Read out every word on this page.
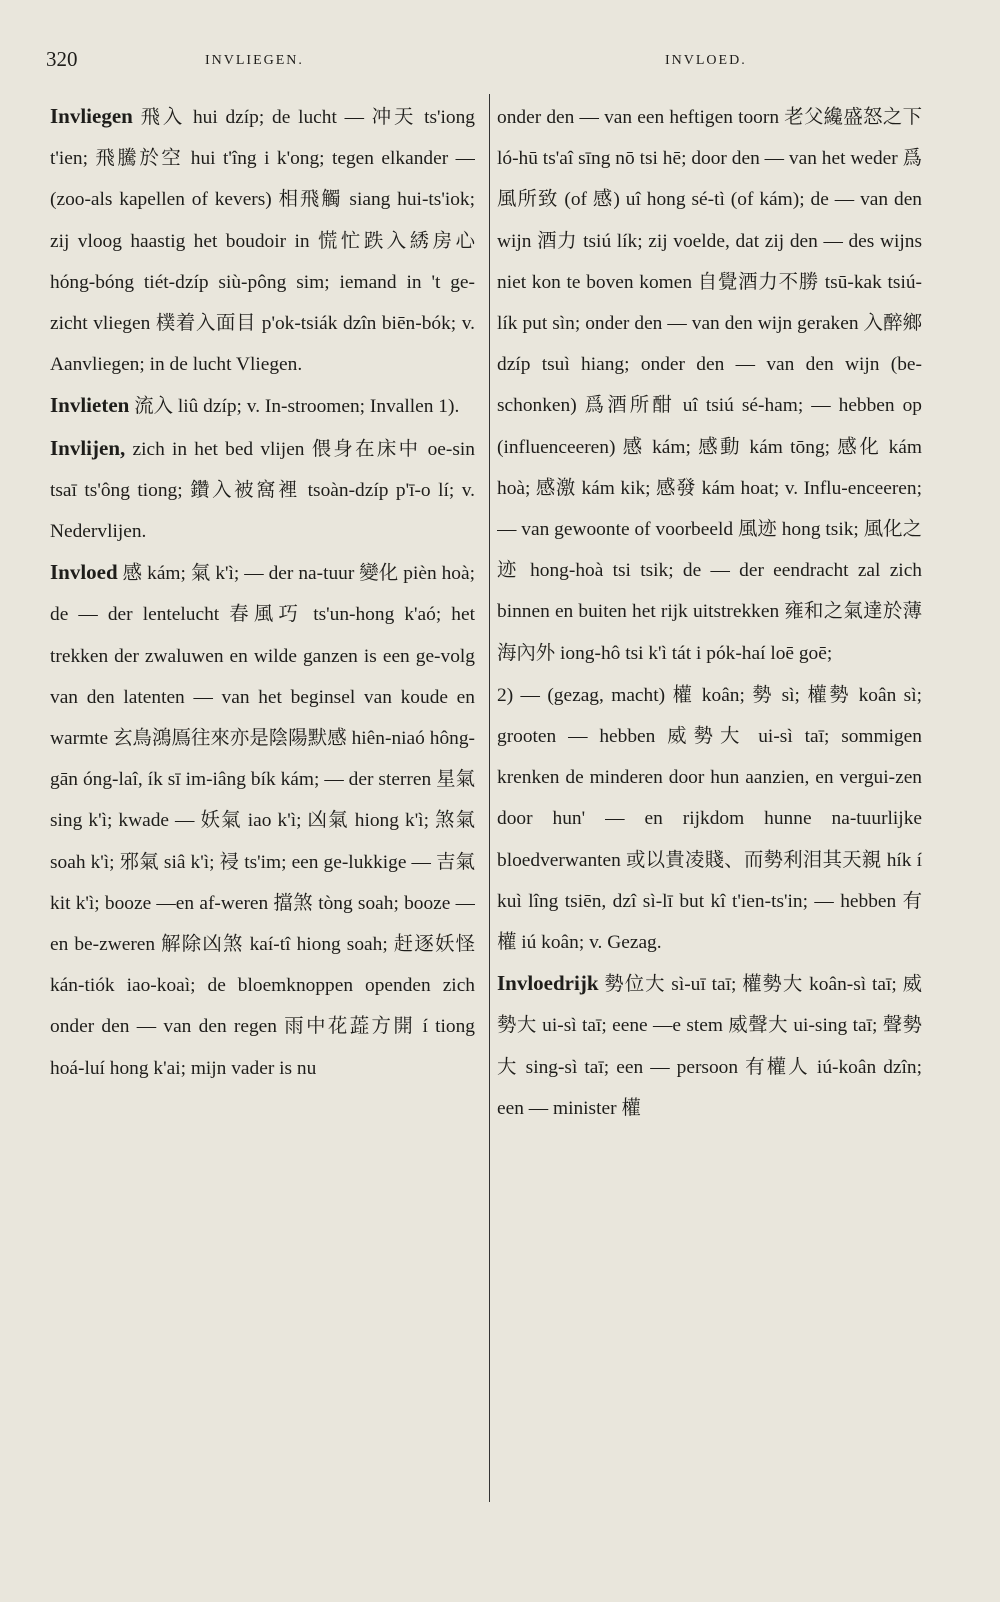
320	INVLIEGEN.	INVLOED.

Invliegen 飛入 hui dzíp; de lucht — 冲天 ts'iong t'ien; 飛騰於空 hui t'îng i k'ong; tegen elkander — (zoo-als kapellen of kevers) 相飛觸 siang hui-ts'iok; zij vloog haastig het boudoir in 慌忙跌入綉房心 hóng-bóng tiét-dzíp siù-pông sim; iemand in 't ge-zicht vliegen 樸着入面目 p'ok-tsiák dzîn biēn-bók; v. Aanvliegen; in de lucht Vliegen.

Invlieten 流入 liû dzíp; v. In-stroomen; Invallen 1).

Invlijen, zich in het bed vlijen 偎身在床中 oe-sin tsaī ts'ông tiong; 鑽入被窩裡 tsoàn-dzíp p'ī-o lí; v. Nedervlijen.

Invloed 感 kám; 氣 k'ì; — der na-tuur 變化 pièn hoà; de — der lentelucht 春風巧 ts'un-hong k'aó; het trekken der zwaluwen en wilde ganzen is een ge-volg van den latenten — van het beginsel van koude en warmte 玄鳥鴻鳫往來亦是陰陽默感 hiên-niaó hông-gān óng-laî, ík sī im-iâng bík kám; — der sterren 星氣 sing k'ì; kwade — 妖氣 iao k'ì; 凶氣 hiong k'ì; 煞氣 soah k'ì; 邪氣 siâ k'ì; 祲 ts'im; een ge-lukkige — 吉氣 kit k'ì; booze —en af-weren 擋煞 tòng soah; booze —en be-zweren 解除凶煞 kaí-tî hiong soah; 赶逐妖怪 kán-tiók iao-koaì; de bloemknoppen openden zich onder den — van den regen 雨中花蕋方開 í tiong hoá-luí hong k'ai; mijn vader is nu

onder den — van een heftigen toorn 老父纔盛怒之下 ló-hū ts'aî sīng nō tsi hē; door den — van het weder 爲風所致 (of 感) uî hong sé-tì (of kám); de — van den wijn 酒力 tsiú lík; zij voelde, dat zij den — des wijns niet kon te boven komen 自覺酒力不勝 tsū-kak tsiú-lík put sìn; onder den — van den wijn geraken 入醉鄉 dzíp tsuì hiang; onder den — van den wijn (be-schonken) 爲酒所酣 uî tsiú sé-ham; — hebben op (influenceeren) 感 kám; 感動 kám tōng; 感化 kám hoà; 感激 kám kik; 感發 kám hoat; v. Influ-enceeren; — van gewoonte of voorbeeld 風迹 hong tsik; 風化之迹 hong-hoà tsi tsik; de — der eendracht zal zich binnen en buiten het rijk uitstrekken 雍和之氣達於薄海內外 iong-hô tsi k'ì tát i pók-haí loē goē;

2) — (gezag, macht) 權 koân; 勢 sì; 權勢 koân sì; grooten — hebben 威勢大 ui-sì taī; sommigen krenken de minderen door hun aanzien, en vergui-zen door hun' — en rijkdom hunne na-tuurlijke bloedverwanten 或以貴凌賤、而勢利泪其天親 hík í kuì lîng tsiēn, dzî sì-lī but kî t'ien-ts'in; — hebben 有權 iú koân; v. Gezag.

Invloedrijk 勢位大 sì-uī taī; 權勢大 koân-sì taī; 威勢大 ui-sì taī; eene —e stem 威聲大 ui-sing taī; 聲勢大 sing-sì taī; een — persoon 有權人 iú-koân dzîn; een — minister 權
